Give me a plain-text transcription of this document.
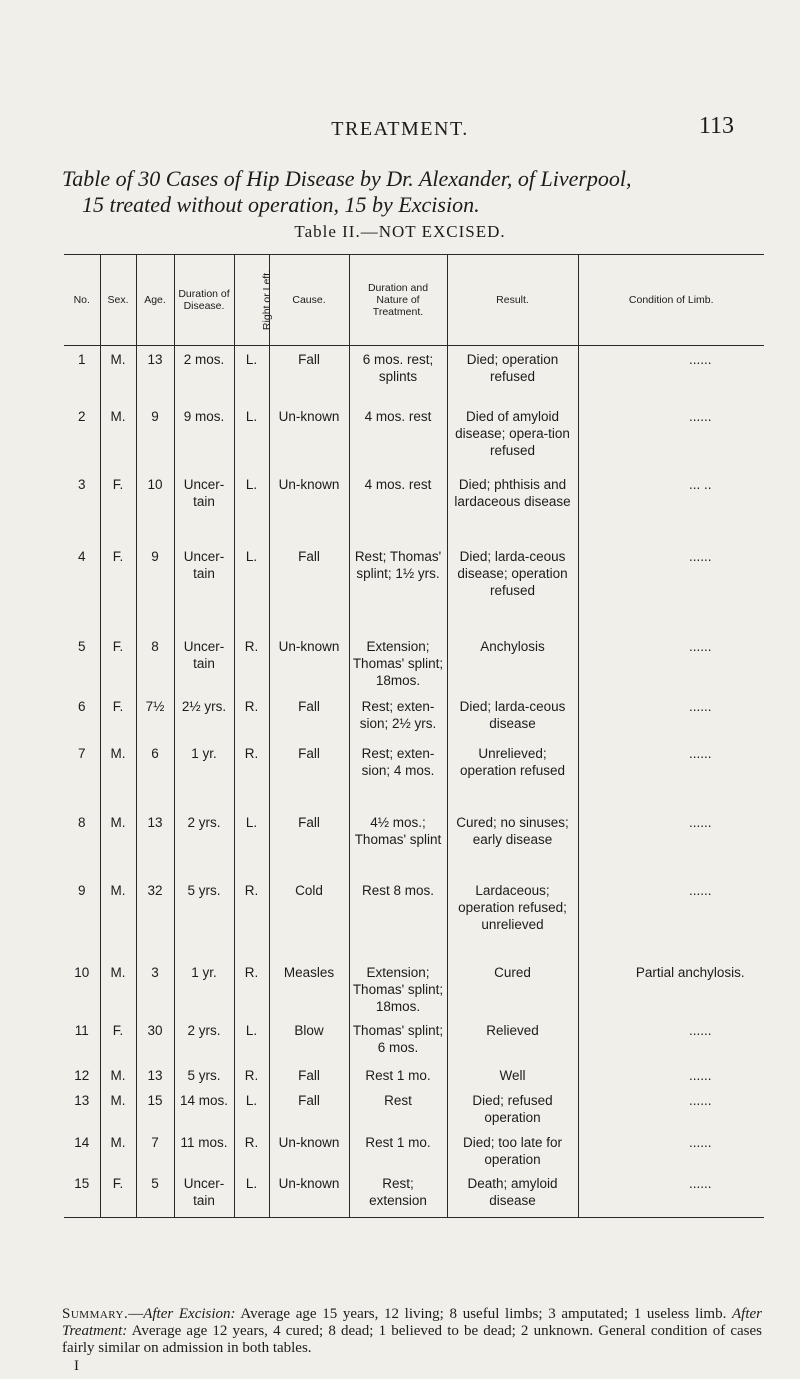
TREATMENT.	113
Table of 30 Cases of Hip Disease by Dr. Alexander, of Liverpool,
15 treated without operation, 15 by Excision.
Table II.—NOT EXCISED.
No.	Sex.	Age.	Duration of Disease.	Right or Left.	Cause.	Duration and Nature of Treatment.	Result.	Condition of Limb.
1	M.	13	2 mos.	L.	Fall	6 mos. rest; splints	Died; operation refused	......
2	M.	9	9 mos.	L.	Un-known	4 mos. rest	Died of amyloid disease; opera-tion refused	......
3	F.	10	Uncer-tain	L.	Un-known	4 mos. rest	Died; phthisis and lardaceous disease	... ..
4	F.	9	Uncer-tain	L.	Fall	Rest; Thomas' splint; 1½ yrs.	Died; larda-ceous disease; operation refused	......
5	F.	8	Uncer-tain	R.	Un-known	Extension; Thomas' splint; 18mos.	Anchylosis	......
6	F.	7½	2½ yrs.	R.	Fall	Rest; exten-sion; 2½ yrs.	Died; larda-ceous disease	......
7	M.	6	1 yr.	R.	Fall	Rest; exten-sion; 4 mos.	Unrelieved; operation refused	......
8	M.	13	2 yrs.	L.	Fall	4½ mos.; Thomas' splint	Cured; no sinuses; early disease	......
9	M.	32	5 yrs.	R.	Cold	Rest 8 mos.	Lardaceous; operation refused; unrelieved	......
10	M.	3	1 yr.	R.	Measles	Extension; Thomas' splint; 18mos.	Cured	Partial anchylosis.
11	F.	30	2 yrs.	L.	Blow	Thomas' splint; 6 mos.	Relieved	......
12	M.	13	5 yrs.	R.	Fall	Rest 1 mo.	Well	......
13	M.	15	14 mos.	L.	Fall	Rest	Died; refused operation	......
14	M.	7	11 mos.	R.	Un-known	Rest 1 mo.	Died; too late for operation	......
15	F.	5	Uncer-tain	L.	Un-known	Rest; extension	Death; amyloid disease	......
Summary.—After Excision: Average age 15 years, 12 living; 8 useful limbs; 3 amputated; 1 useless limb. After Treatment: Average age 12 years, 4 cured; 8 dead; 1 believed to be dead; 2 unknown. General condition of cases fairly similar on admission in both tables.
I
